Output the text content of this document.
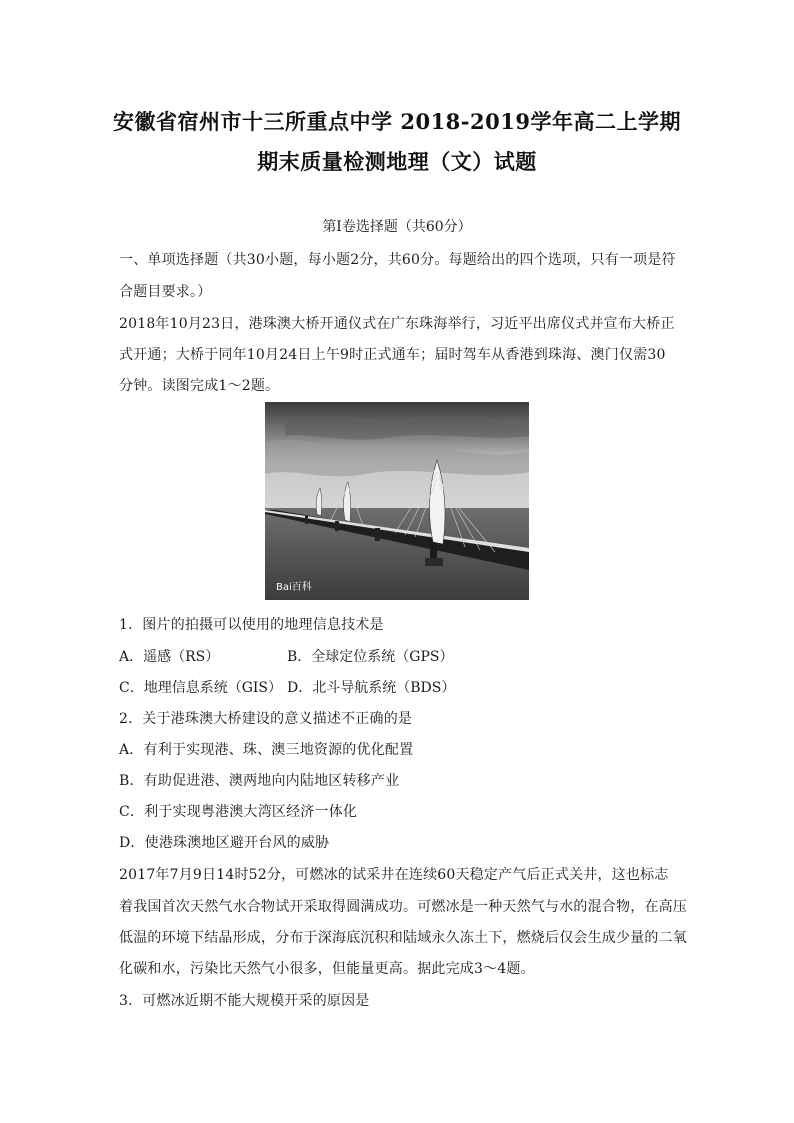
安徽省宿州市十三所重点中学 2018-2019学年高二上学期
期末质量检测地理（文）试题
第Ⅰ卷选择题（共60分）
一、单项选择题（共30小题，每小题2分，共60分。每题给出的四个选项，只有一项是符
合题目要求。）
2018年10月23日，港珠澳大桥开通仪式在广东珠海举行，习近平出席仪式并宣布大桥正
式开通；大桥于同年10月24日上午9时正式通车；届时驾车从香港到珠海、澳门仅需30
分钟。读图完成1～2题。
Bai百科
1．图片的拍摄可以使用的地理信息技术是
A．遥感（RS）	B．全球定位系统（GPS）
C．地理信息系统（GIS） D．北斗导航系统（BDS）
2．关于港珠澳大桥建设的意义描述不正确的是
A．有利于实现港、珠、澳三地资源的优化配置
B．有助促进港、澳两地向内陆地区转移产业
C．利于实现粤港澳大湾区经济一体化
D．使港珠澳地区避开台风的威胁
2017年7月9日14时52分，可燃冰的试采井在连续60天稳定产气后正式关井，这也标志
着我国首次天然气水合物试开采取得圆满成功。可燃冰是一种天然气与水的混合物，在高压
低温的环境下结晶形成，分布于深海底沉积和陆域永久冻土下，燃烧后仅会生成少量的二氧
化碳和水，污染比天然气小很多，但能量更高。据此完成3～4题。
3．可燃冰近期不能大规模开采的原因是
